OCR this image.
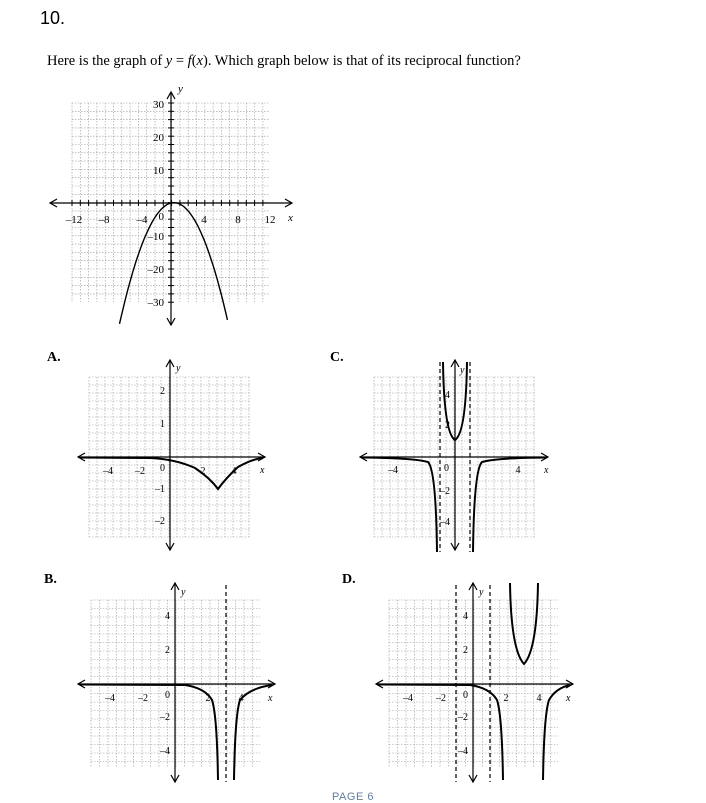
10.
Here is the graph of y = f(x). Which graph below is that of its reciprocal function?
–12 –8 –4	4	8 12
30
20
10
–10
–20
–30
0	x
y
A.	C.
B.	D.
–4 –2	2	4
2
1
–1
–2
0	x
y
–4	4
4
2
–2
–4
0	x
y
–4 –2	2	4
4
2
–2
–4
0	x
y
–4 –2	2	4
4
2
–2
–4
0	x
y
PAGE 6
